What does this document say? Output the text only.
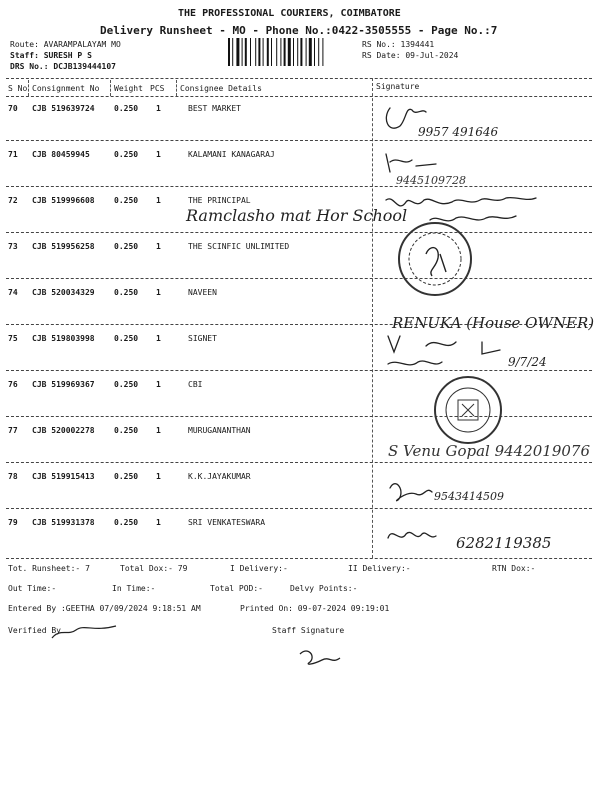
THE PROFESSIONAL COURIERS, COIMBATORE
Delivery Runsheet - MO - Phone No.:0422-3505555 - Page No.:7
Route: AVARAMPALAYAM MO
Staff: SURESH P S
DRS No.: DCJB139444107
RS No.: 1394441
RS Date: 09-Jul-2024
S No Consignment No Weight PCS Consignee Details	Signature
70 CJB 519639724 0.250 1	BEST MARKET
71 CJB 80459945	0.250 1	KALAMANI KANAGARAJ
72 CJB 519996608 0.250 1	THE PRINCIPAL
73 CJB 519956258 0.250 1	THE SCINFIC UNLIMITED
74 CJB 520034329 0.250 1	NAVEEN
75 CJB 519803998 0.250 1	SIGNET
76 CJB 519969367 0.250 1	CBI
77 CJB 520002278 0.250 1	MURUGANANTHAN
78 CJB 519915413 0.250 1	K.K.JAYAKUMAR
79 CJB 519931378 0.250 1	SRI VENKATESWARA
Ramclasho mat Hor School
9957 491646
9445109728
RENUKA (House OWNER)
9/7/24
S Venu Gopal 9442019076
9543414509
6282119385
Tot. Runsheet:- 7	Total Dox:- 79	I Delivery:-	II Delivery:-	RTN Dox:-
Out Time:-	In Time:-	Total POD:-	Delvy Points:-
Entered By :GEETHA 07/09/2024 9:18:51 AM	Printed On: 09-07-2024 09:19:01
Verified By	Staff Signature
